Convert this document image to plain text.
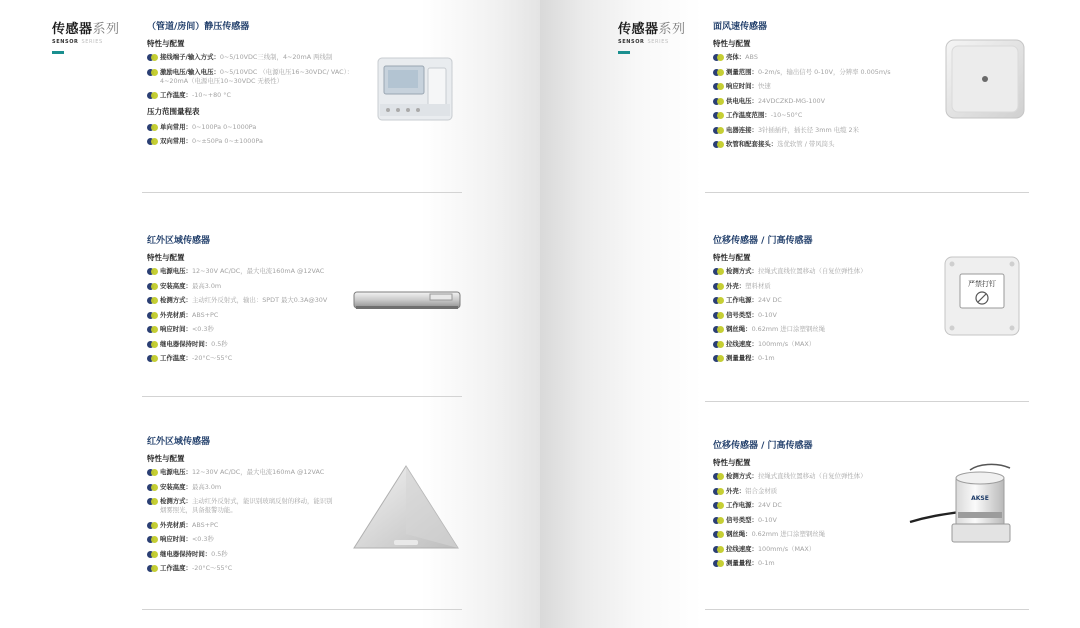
传感器系列
SENSOR SERIES
（管道/房间）静压传感器
特性与配置
接线端子/输入方式：0~5/10VDC三线制，4~20mA 两线制
激励电压/输入电压：0~5/10VDC （电源电压16~30VDC/ VAC）：4~20mA（电源电压10~30VDC 无极性）
工作温度：-10~+80 °C
压力范围量程表
单向常用：0~100Pa 0~1000Pa
双向常用：0~±50Pa 0~±1000Pa
红外区域传感器
特性与配置
电源电压：12~30V AC/DC，最大电流160mA @12VAC
安装高度：最高3.0m
检测方式：主动红外反射式，输出：SPDT 最大0.3A@30V
外壳材质：ABS+PC
响应时间：<0.3秒
继电器保持时间：0.5秒
工作温度：-20°C～55°C
红外区域传感器
特性与配置
电源电压：12~30V AC/DC，最大电流160mA @12VAC
安装高度：最高3.0m
检测方式：主动红外反射式，能识别玻璃反射的移动，能识别烟雾照光，具备报警功能。
外壳材质：ABS+PC
响应时间：<0.3秒
继电器保持时间：0.5秒
工作温度：-20°C～55°C
传感器系列
SENSOR SERIES
面风速传感器
特性与配置
壳体：ABS
测量范围：0-2m/s，输出信号 0-10V，分辨率 0.005m/s
响应时间：快速
供电电压：24VDCZKD-MG-100V
工作温度范围：-10~50°C
电器连接：3针插插件，插长径 3mm 电缆 2米
软管和配套接头：选优软管 / 带风筒头
位移传感器 / 门高传感器
特性与配置
检测方式：拉绳式直线位置移动（自复位弹性体）
外壳：塑料材质
工作电源：24V DC
信号类型：0-10V
钢丝绳：0.62mm 进口涂塑钢丝绳
拉线速度：100mm/s（MAX）
测量量程：0-1m
严禁打钉
位移传感器 / 门高传感器
特性与配置
检测方式：拉绳式直线位置移动（自复位弹性体）
外壳：铝合金材质
工作电源：24V DC
信号类型：0-10V
钢丝绳：0.62mm 进口涂塑钢丝绳
拉线速度：100mm/s（MAX）
测量量程：0-1m
AKSE
